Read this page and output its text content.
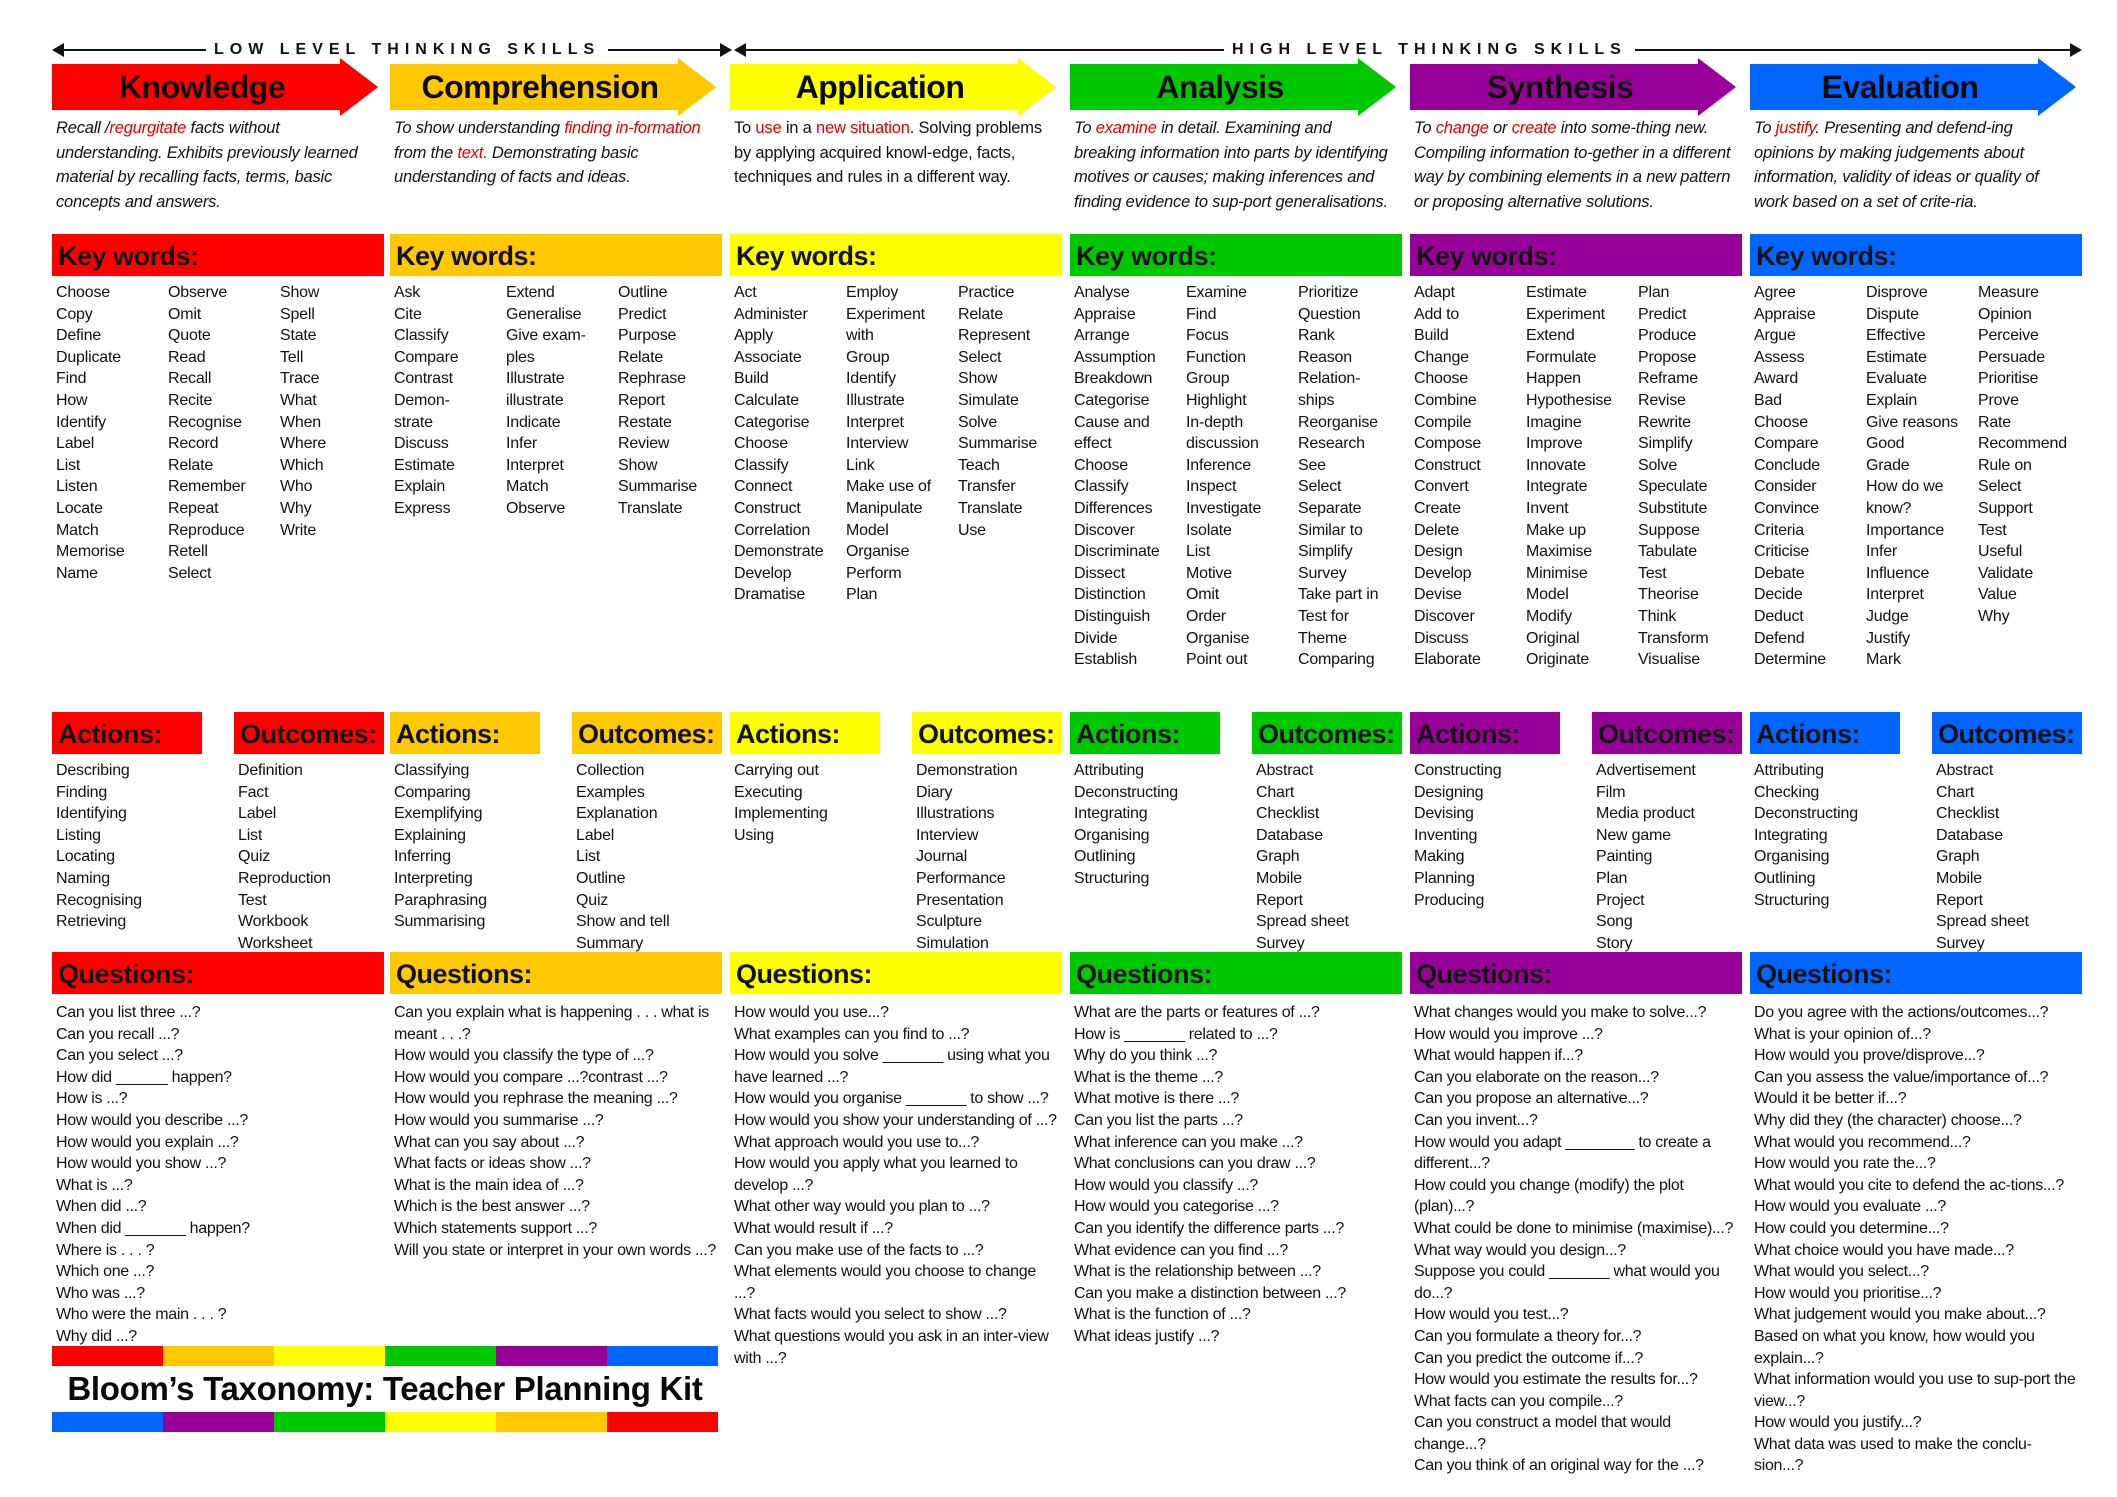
LOW LEVEL THINKING SKILLS	HIGH LEVEL THINKING SKILLS
Knowledge
Recall /regurgitate facts without understanding. Exhibits previously learned material by recalling facts, terms, basic concepts and answers.
Key words:
Choose
Copy
Define
Duplicate
Find
How
Identify
Label
List
Listen
Locate
Match
Memorise
Name
Observe
Omit
Quote
Read
Recall
Recite
Recognise
Record
Relate
Remember
Repeat
Reproduce
Retell
Select
Show
Spell
State
Tell
Trace
What
When
Where
Which
Who
Why
Write
Actions:
Describing
Finding
Identifying
Listing
Locating
Naming
Recognising
Retrieving
Outcomes:
Definition
Fact
Label
List
Quiz
Reproduction
Test
Workbook
Worksheet
Questions:
Can you list three ...?
Can you recall ...?
Can you select ...?
How did ______ happen?
How is ...?
How would you describe ...?
How would you explain ...?
How would you show ...?
What is ...?
When did ...?
When did _______ happen?
Where is . . . ?
Which one ...?
Who was ...?
Who were the main . . . ?
Why did ...?
Comprehension
To show understanding finding in-formation from the text. Demonstrating basic understanding of facts and ideas.
Key words:
Ask
Cite
Classify
Compare
Contrast
Demon-
strate
Discuss
Estimate
Explain
Express
Extend
Generalise
Give exam-
ples
Illustrate
illustrate
Indicate
Infer
Interpret
Match
Observe
Outline
Predict
Purpose
Relate
Rephrase
Report
Restate
Review
Show
Summarise
Translate
Actions:
Classifying
Comparing
Exemplifying
Explaining
Inferring
Interpreting
Paraphrasing
Summarising
Outcomes:
Collection
Examples
Explanation
Label
List
Outline
Quiz
Show and tell
Summary
Questions:
Can you explain what is happening . . . what is meant . . .?
How would you classify the type of ...?
How would you compare ...?contrast ...?
How would you rephrase the meaning ...?
How would you summarise ...?
What can you say about ...?
What facts or ideas show ...?
What is the main idea of ...?
Which is the best answer ...?
Which statements support ...?
Will you state or interpret in your own words ...?
Application
To use in a new situation. Solving problems by applying acquired knowl-edge, facts, techniques and rules in a different way.
Key words:
Act
Administer
Apply
Associate
Build
Calculate
Categorise
Choose
Classify
Connect
Construct
Correlation
Demonstrate
Develop
Dramatise
Employ
Experiment
with
Group
Identify
Illustrate
Interpret
Interview
Link
Make use of
Manipulate
Model
Organise
Perform
Plan
Practice
Relate
Represent
Select
Show
Simulate
Solve
Summarise
Teach
Transfer
Translate
Use
Actions:
Carrying out
Executing
Implementing
Using
Outcomes:
Demonstration
Diary
Illustrations
Interview
Journal
Performance
Presentation
Sculpture
Simulation
Questions:
How would you use...?
What examples can you find to ...?
How would you solve _______ using what you have learned ...?
How would you organise _______ to show ...?
How would you show your understanding of ...?
What approach would you use to...?
How would you apply what you learned to develop ...?
What other way would you plan to ...?
What would result if ...?
Can you make use of the facts to ...?
What elements would you choose to change ...?
What facts would you select to show ...?
What questions would you ask in an inter-view with ...?
Analysis
To examine in detail. Examining and breaking information into parts by identifying motives or causes; making inferences and finding evidence to sup-port generalisations.
Key words:
Analyse
Appraise
Arrange
Assumption
Breakdown
Categorise
Cause and
effect
Choose
Classify
Differences
Discover
Discriminate
Dissect
Distinction
Distinguish
Divide
Establish
Examine
Find
Focus
Function
Group
Highlight
In-depth
discussion
Inference
Inspect
Investigate
Isolate
List
Motive
Omit
Order
Organise
Point out
Prioritize
Question
Rank
Reason
Relation-
ships
Reorganise
Research
See
Select
Separate
Similar to
Simplify
Survey
Take part in
Test for
Theme
Comparing
Actions:
Attributing
Deconstructing
Integrating
Organising
Outlining
Structuring
Outcomes:
Abstract
Chart
Checklist
Database
Graph
Mobile
Report
Spread sheet
Survey
Questions:
What are the parts or features of ...?
How is _______ related to ...?
Why do you think ...?
What is the theme ...?
What motive is there ...?
Can you list the parts ...?
What inference can you make ...?
What conclusions can you draw ...?
How would you classify ...?
How would you categorise ...?
Can you identify the difference parts ...?
What evidence can you find ...?
What is the relationship between ...?
Can you make a distinction between ...?
What is the function of ...?
What ideas justify ...?
Synthesis
To change or create into some-thing new. Compiling information to-gether in a different way by combining elements in a new pattern or proposing alternative solutions.
Key words:
Adapt
Add to
Build
Change
Choose
Combine
Compile
Compose
Construct
Convert
Create
Delete
Design
Develop
Devise
Discover
Discuss
Elaborate
Estimate
Experiment
Extend
Formulate
Happen
Hypothesise
Imagine
Improve
Innovate
Integrate
Invent
Make up
Maximise
Minimise
Model
Modify
Original
Originate
Plan
Predict
Produce
Propose
Reframe
Revise
Rewrite
Simplify
Solve
Speculate
Substitute
Suppose
Tabulate
Test
Theorise
Think
Transform
Visualise
Actions:
Constructing
Designing
Devising
Inventing
Making
Planning
Producing
Outcomes:
Advertisement
Film
Media product
New game
Painting
Plan
Project
Song
Story
Questions:
What changes would you make to solve...?
How would you improve ...?
What would happen if...?
Can you elaborate on the reason...?
Can you propose an alternative...?
Can you invent...?
How would you adapt ________ to create a different...?
How could you change (modify) the plot (plan)...?
What could be done to minimise (maximise)...?
What way would you design...?
Suppose you could _______ what would you do...?
How would you test...?
Can you formulate a theory for...?
Can you predict the outcome if...?
How would you estimate the results for...?
What facts can you compile...?
Can you construct a model that would change...?
Can you think of an original way for the ...?
Evaluation
To justify. Presenting and defend-ing opinions by making judgements about information, validity of ideas or quality of work based on a set of crite-ria.
Key words:
Agree
Appraise
Argue
Assess
Award
Bad
Choose
Compare
Conclude
Consider
Convince
Criteria
Criticise
Debate
Decide
Deduct
Defend
Determine
Disprove
Dispute
Effective
Estimate
Evaluate
Explain
Give reasons
Good
Grade
How do we
know?
Importance
Infer
Influence
Interpret
Judge
Justify
Mark
Measure
Opinion
Perceive
Persuade
Prioritise
Prove
Rate
Recommend
Rule on
Select
Support
Test
Useful
Validate
Value
Why
Actions:
Attributing
Checking
Deconstructing
Integrating
Organising
Outlining
Structuring
Outcomes:
Abstract
Chart
Checklist
Database
Graph
Mobile
Report
Spread sheet
Survey
Questions:
Do you agree with the actions/outcomes...?
What is your opinion of...?
How would you prove/disprove...?
Can you assess the value/importance of...?
Would it be better if...?
Why did they (the character) choose...?
What would you recommend...?
How would you rate the...?
What would you cite to defend the ac-tions...?
How would you evaluate ...?
How could you determine...?
What choice would you have made...?
What would you select...?
How would you prioritise...?
What judgement would you make about...?
Based on what you know, how would you explain...?
What information would you use to sup-port the view...?
How would you justify...?
What data was used to make the conclu-sion...?
Bloom’s Taxonomy: Teacher Planning Kit
